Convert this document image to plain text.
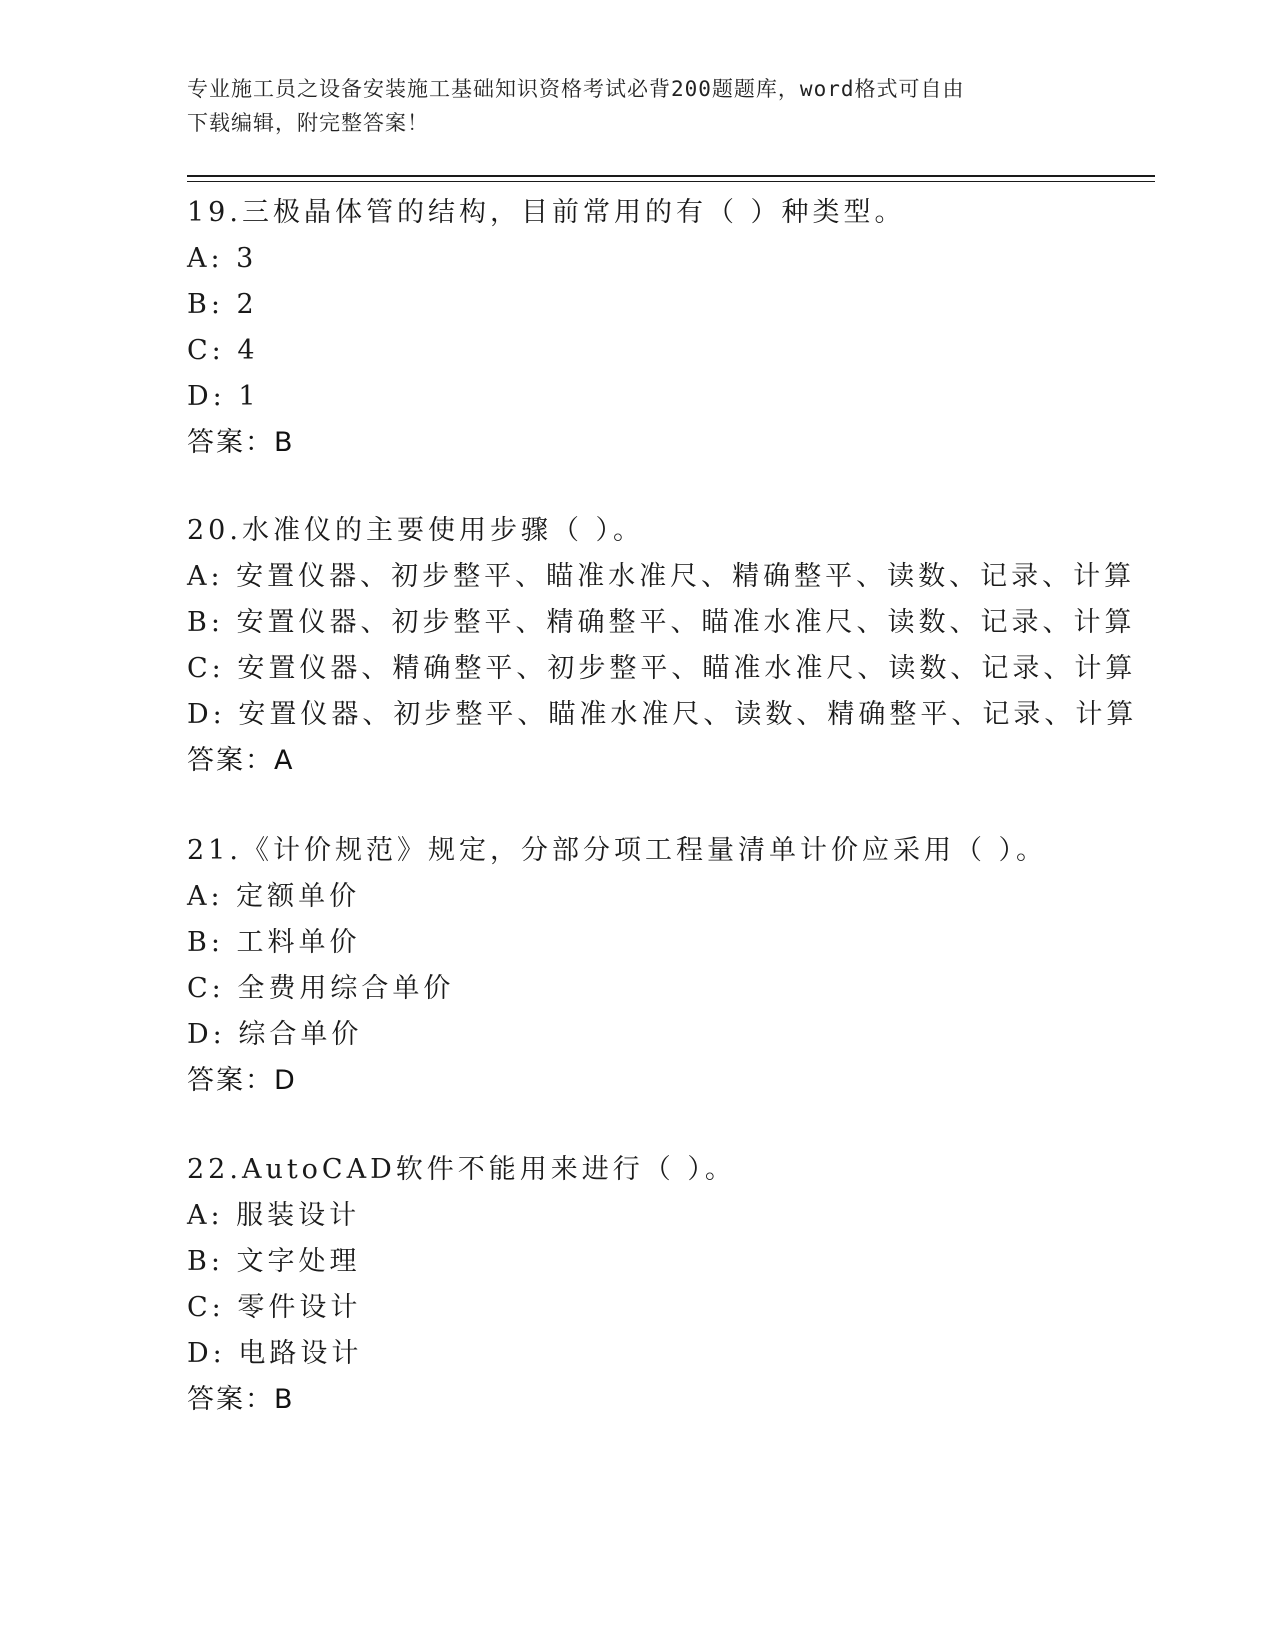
专业施工员之设备安装施工基础知识资格考试必背200题题库，word格式可自由
下载编辑，附完整答案！
19.三极晶体管的结构，目前常用的有（ ）种类型。
A: 3
B: 2
C: 4
D: 1
答案：B
20.水准仪的主要使用步骤（ ）。
A: 安置仪器、初步整平、瞄准水准尺、精确整平、读数、记录、计算
B: 安置仪器、初步整平、精确整平、瞄准水准尺、读数、记录、计算
C: 安置仪器、精确整平、初步整平、瞄准水准尺、读数、记录、计算
D: 安置仪器、初步整平、瞄准水准尺、读数、精确整平、记录、计算
答案：A
21.《计价规范》规定，分部分项工程量清单计价应采用（ ）。
A: 定额单价
B: 工料单价
C: 全费用综合单价
D: 综合单价
答案：D
22.AutoCAD软件不能用来进行（ ）。
A: 服装设计
B: 文字处理
C: 零件设计
D: 电路设计
答案：B
